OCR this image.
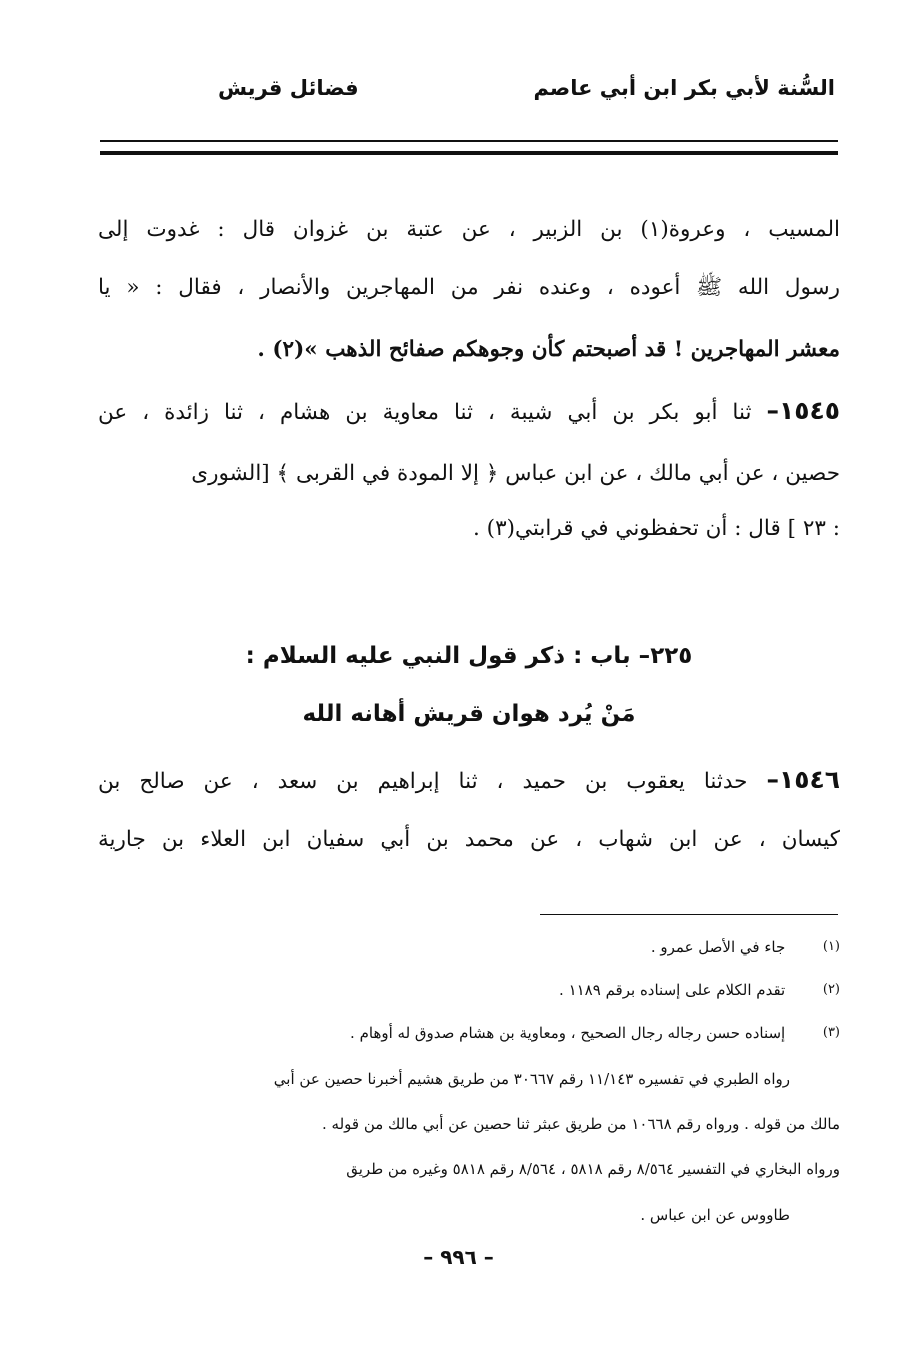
السُّنة لأبي بكر ابن أبي عاصم
فضائل قريش
المسيب ، وعروة(١) بن الزبير ، عن عتبة بن غزوان قال : غدوت إلى
رسول الله ﷺ أعوده ، وعنده نفر من المهاجرين والأنصار ، فقال : « يا
معشر المهاجرين ! قد أصبحتم كأن وجوهكم صفائح الذهب »(٢) .
١٥٤٥– ثنا أبو بكر بن أبي شيبة ، ثنا معاوية بن هشام ، ثنا زائدة ، عن
حصين ، عن أبي مالك ، عن ابن عباس ﴿ إلا المودة في القربى ﴾ [الشورى
: ٢٣ ] قال : أن تحفظوني في قرابتي(٣) .
٢٢٥– باب : ذكر قول النبي عليه السلام :
مَنْ يُرد هوان قريش أهانه الله
١٥٤٦– حدثنا يعقوب بن حميد ، ثنا إبراهيم بن سعد ، عن صالح بن
كيسان ، عن ابن شهاب ، عن محمد بن أبي سفيان ابن العلاء بن جارية
(١) جاء في الأصل عمرو .
(٢) تقدم الكلام على إسناده برقم ١١٨٩ .
(٣) إسناده حسن رجاله رجال الصحيح ، ومعاوية بن هشام صدوق له أوهام .
رواه الطبري في تفسيره ١١/١٤٣ رقم ٣٠٦٦٧ من طريق هشيم أخبرنا حصين عن أبي
مالك من قوله . ورواه رقم ١٠٦٦٨ من طريق عبثر ثنا حصين عن أبي مالك من قوله .
ورواه البخاري في التفسير ٨/٥٦٤ رقم ٥٨١٨ ، ٨/٥٦٤ رقم ٥٨١٨ وغيره من طريق
طاووس عن ابن عباس .
– ٩٩٦ –
